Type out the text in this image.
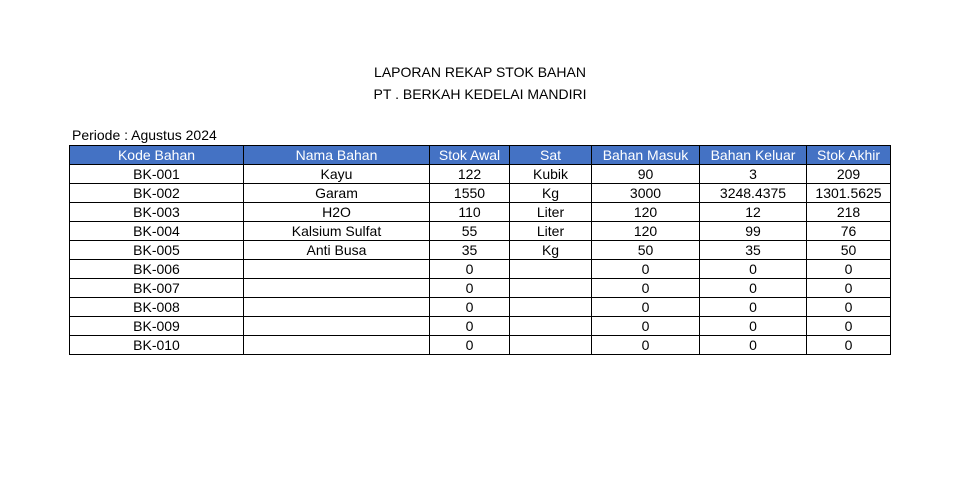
LAPORAN REKAP STOK BAHAN
PT . BERKAH KEDELAI MANDIRI
Periode : Agustus 2024
Kode Bahan	Nama Bahan	Stok Awal	Sat	Bahan Masuk	Bahan Keluar	Stok Akhir
BK-001	Kayu	122	Kubik	90	3	209
BK-002	Garam	1550	Kg	3000	3248.4375	1301.5625
BK-003	H2O	110	Liter	120	12	218
BK-004	Kalsium Sulfat	55	Liter	120	99	76
BK-005	Anti Busa	35	Kg	50	35	50
BK-006		0		0	0	0
BK-007		0		0	0	0
BK-008		0		0	0	0
BK-009		0		0	0	0
BK-010		0		0	0	0
